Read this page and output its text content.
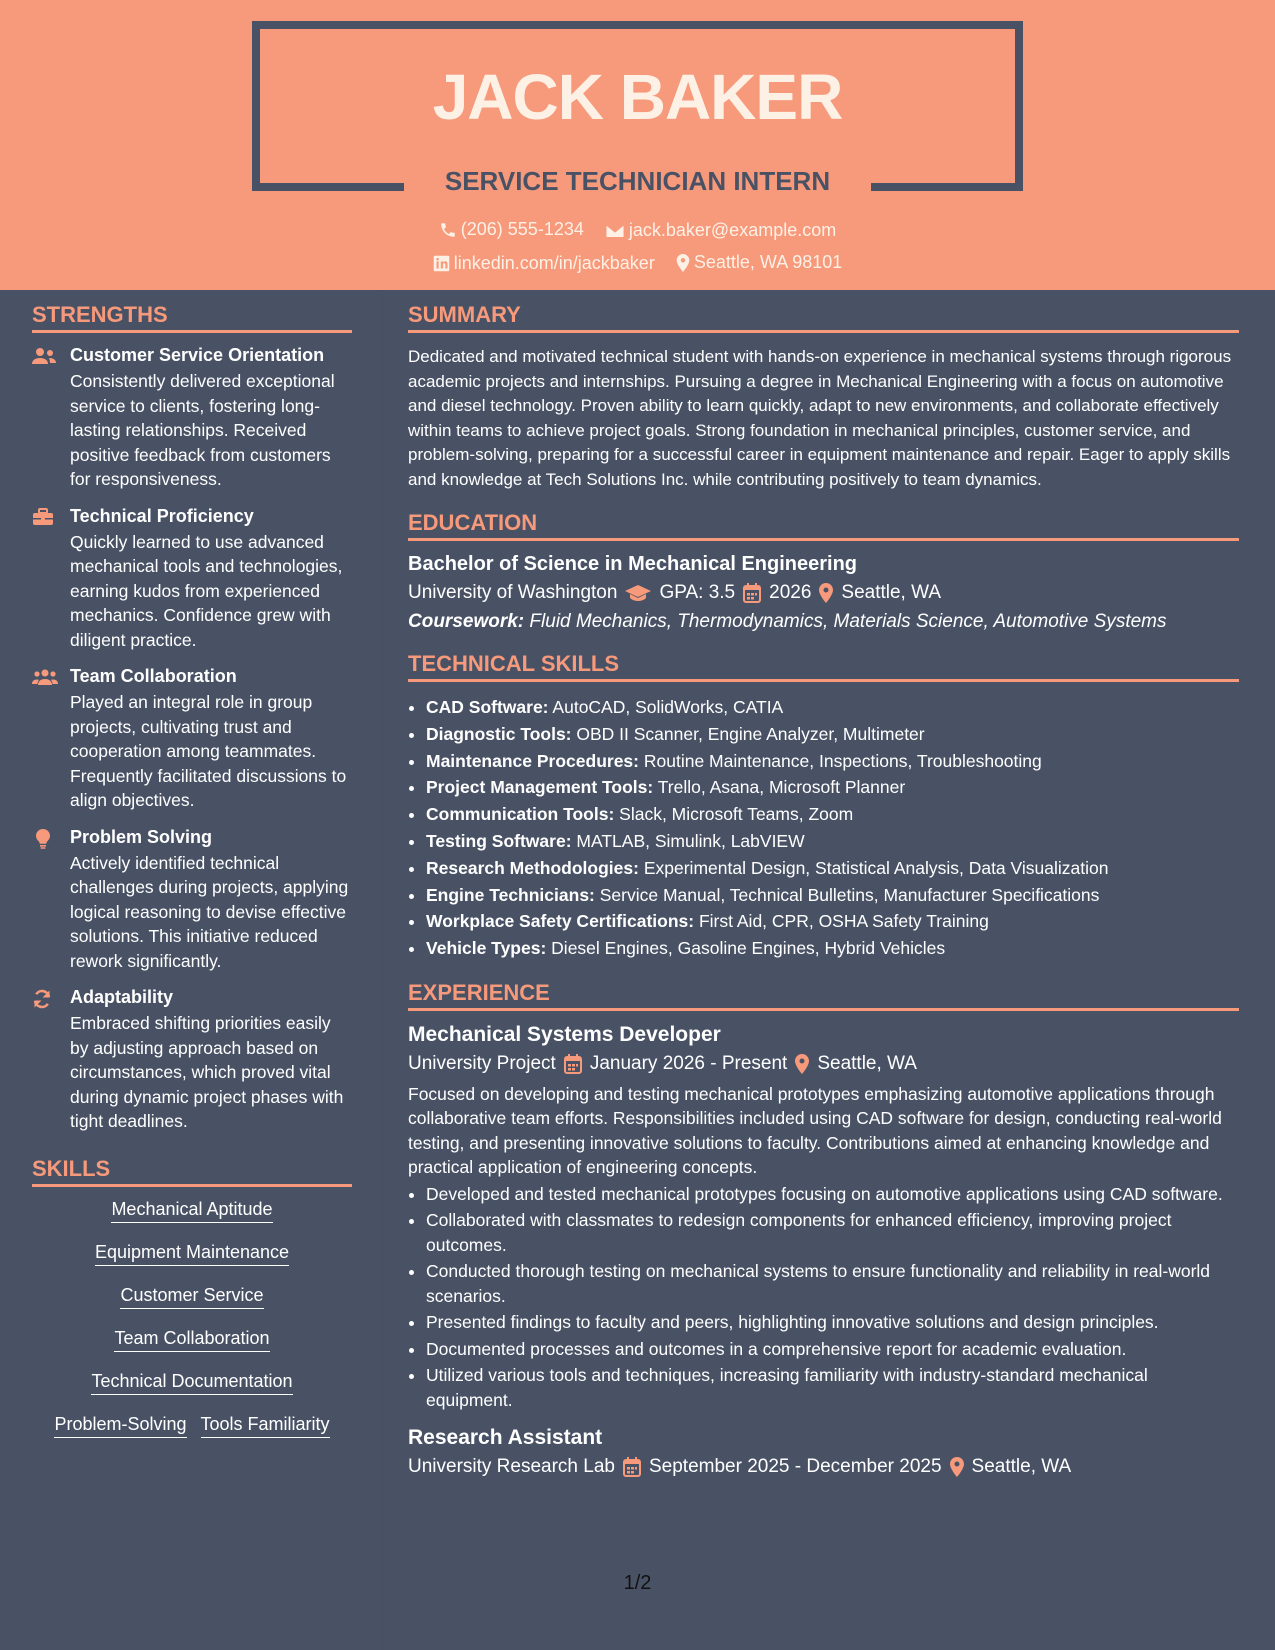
JACK BAKER
SERVICE TECHNICIAN INTERN
(206) 555-1234
	jack.baker@example.com
linkedin.com/in/jackbaker
Seattle, WA 98101
STRENGTHS
Customer Service Orientation
Consistently delivered exceptional service to clients, fostering long-lasting relationships. Received positive feedback from customers for responsiveness.
Technical Proficiency
Quickly learned to use advanced mechanical tools and technologies, earning kudos from experienced mechanics. Confidence grew with diligent practice.
Team Collaboration
Played an integral role in group projects, cultivating trust and cooperation among teammates. Frequently facilitated discussions to align objectives.
Problem Solving
Actively identified technical challenges during projects, applying logical reasoning to devise effective solutions. This initiative reduced rework significantly.
Adaptability
Embraced shifting priorities easily by adjusting approach based on circumstances, which proved vital during dynamic project phases with tight deadlines.
SKILLS
Mechanical Aptitude
Equipment Maintenance
Customer Service
Team Collaboration
Technical Documentation
Problem-Solving Tools Familiarity
SUMMARY
Dedicated and motivated technical student with hands-on experience in mechanical systems through rigorous academic projects and internships. Pursuing a degree in Mechanical Engineering with a focus on automotive and diesel technology. Proven ability to learn quickly, adapt to new environments, and collaborate effectively within teams to achieve project goals. Strong foundation in mechanical principles, customer service, and problem-solving, preparing for a successful career in equipment maintenance and repair. Eager to apply skills and knowledge at Tech Solutions Inc. while contributing positively to team dynamics.
EDUCATION
Bachelor of Science in Mechanical Engineering
University of Washington GPA: 3.5 2026 Seattle, WA
Coursework: Fluid Mechanics, Thermodynamics, Materials Science, Automotive Systems
TECHNICAL SKILLS
• CAD Software: AutoCAD, SolidWorks, CATIA
• Diagnostic Tools: OBD II Scanner, Engine Analyzer, Multimeter
• Maintenance Procedures: Routine Maintenance, Inspections, Troubleshooting
• Project Management Tools: Trello, Asana, Microsoft Planner
• Communication Tools: Slack, Microsoft Teams, Zoom
• Testing Software: MATLAB, Simulink, LabVIEW
• Research Methodologies: Experimental Design, Statistical Analysis, Data Visualization
• Engine Technicians: Service Manual, Technical Bulletins, Manufacturer Specifications
• Workplace Safety Certifications: First Aid, CPR, OSHA Safety Training
• Vehicle Types: Diesel Engines, Gasoline Engines, Hybrid Vehicles
EXPERIENCE
Mechanical Systems Developer
University Project January 2026 - Present Seattle, WA
Focused on developing and testing mechanical prototypes emphasizing automotive applications through collaborative team efforts. Responsibilities included using CAD software for design, conducting real-world testing, and presenting innovative solutions to faculty. Contributions aimed at enhancing knowledge and practical application of engineering concepts.
• Developed and tested mechanical prototypes focusing on automotive applications using CAD software.
• Collaborated with classmates to redesign components for enhanced efficiency, improving project outcomes.
• Conducted thorough testing on mechanical systems to ensure functionality and reliability in real-world scenarios.
• Presented findings to faculty and peers, highlighting innovative solutions and design principles.
• Documented processes and outcomes in a comprehensive report for academic evaluation.
• Utilized various tools and techniques, increasing familiarity with industry-standard mechanical equipment.
Research Assistant
University Research Lab September 2025 - December 2025 Seattle, WA
1/2
